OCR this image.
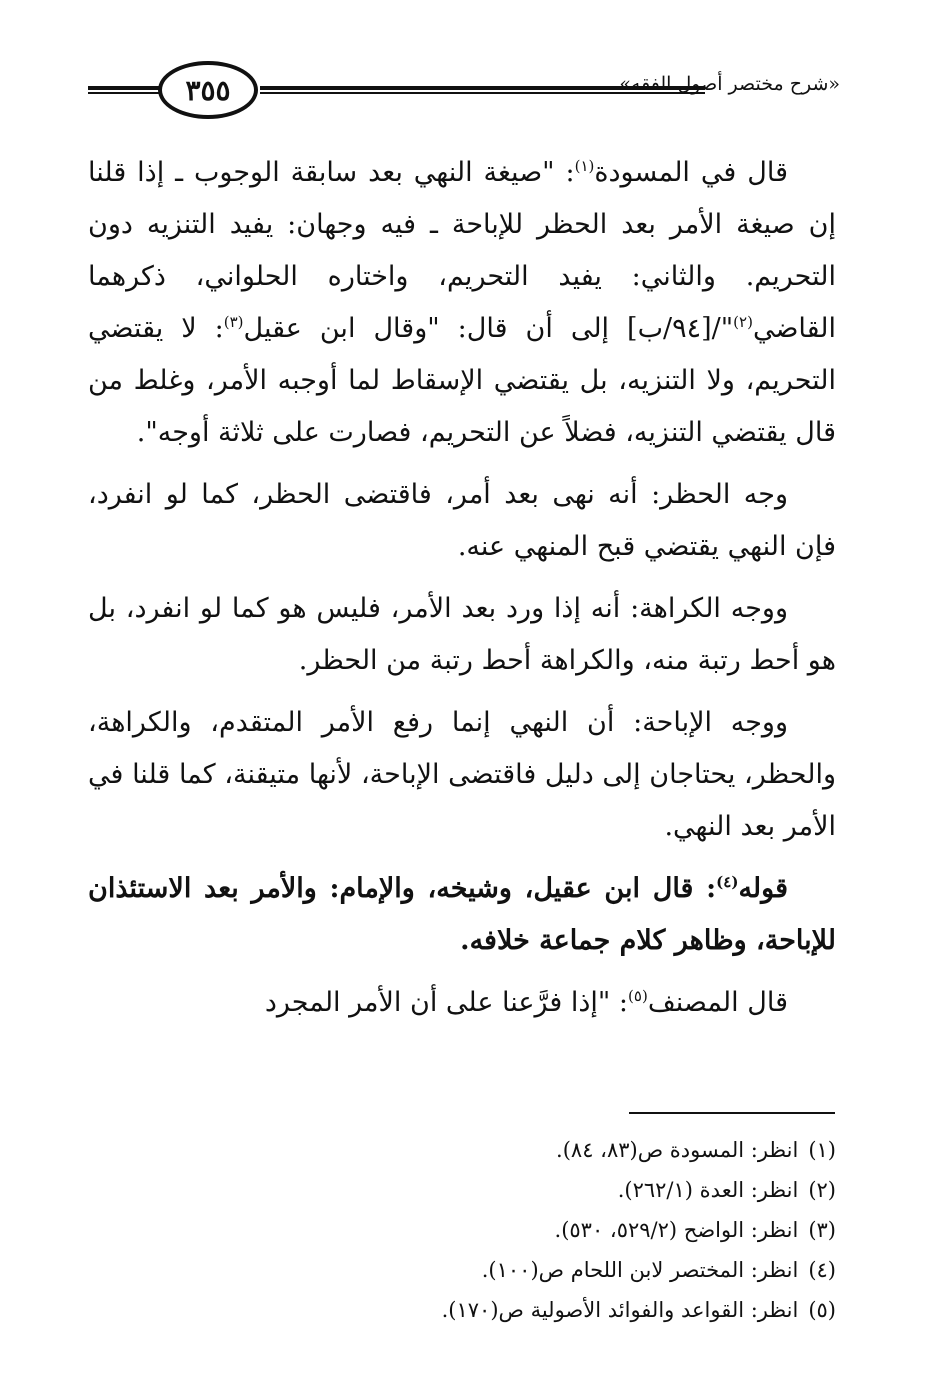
٣٥٥	«شرح مختصر أصول الفقه»

قال في المسودة$^{(١)}$: "صيغة النهي بعد سابقة الوجوب ـ إذا قلنا إن صيغة الأمر بعد الحظر للإباحة ـ فيه وجهان: يفيد التنزيه دون التحريم. والثاني: يفيد التحريم، واختاره الحلواني، ذكرهما القاضي$^{(٢)}$"/[٩٤/ب] إلى أن قال: "وقال ابن عقيل$^{(٣)}$: لا يقتضي التحريم، ولا التنزيه، بل يقتضي الإسقاط لما أوجبه الأمر، وغلط من قال يقتضي التنزيه، فضلاً عن التحريم، فصارت على ثلاثة أوجه".

وجه الحظر: أنه نهى بعد أمر، فاقتضى الحظر، كما لو انفرد، فإن النهي يقتضي قبح المنهي عنه.

ووجه الكراهة: أنه إذا ورد بعد الأمر، فليس هو كما لو انفرد، بل هو أحط رتبة منه، والكراهة أحط رتبة من الحظر.

ووجه الإباحة: أن النهي إنما رفع الأمر المتقدم، والكراهة، والحظر، يحتاجان إلى دليل فاقتضى الإباحة، لأنها متيقنة، كما قلنا في الأمر بعد النهي.

قوله$^{(٤)}$: قال ابن عقيل، وشيخه، والإمام: والأمر بعد الاستئذان للإباحة، وظاهر كلام جماعة خلافه.

قال المصنف$^{(٥)}$: "إذا فرَّعنا على أن الأمر المجرد

(١)انظر: المسودة ص(٨٣، ٨٤).
(٢)انظر: العدة (٢٦٢/١).
(٣)انظر: الواضح (٥٢٩/٢، ٥٣٠).
(٤)انظر: المختصر لابن اللحام ص(١٠٠).
(٥)انظر: القواعد والفوائد الأصولية ص(١٧٠).
